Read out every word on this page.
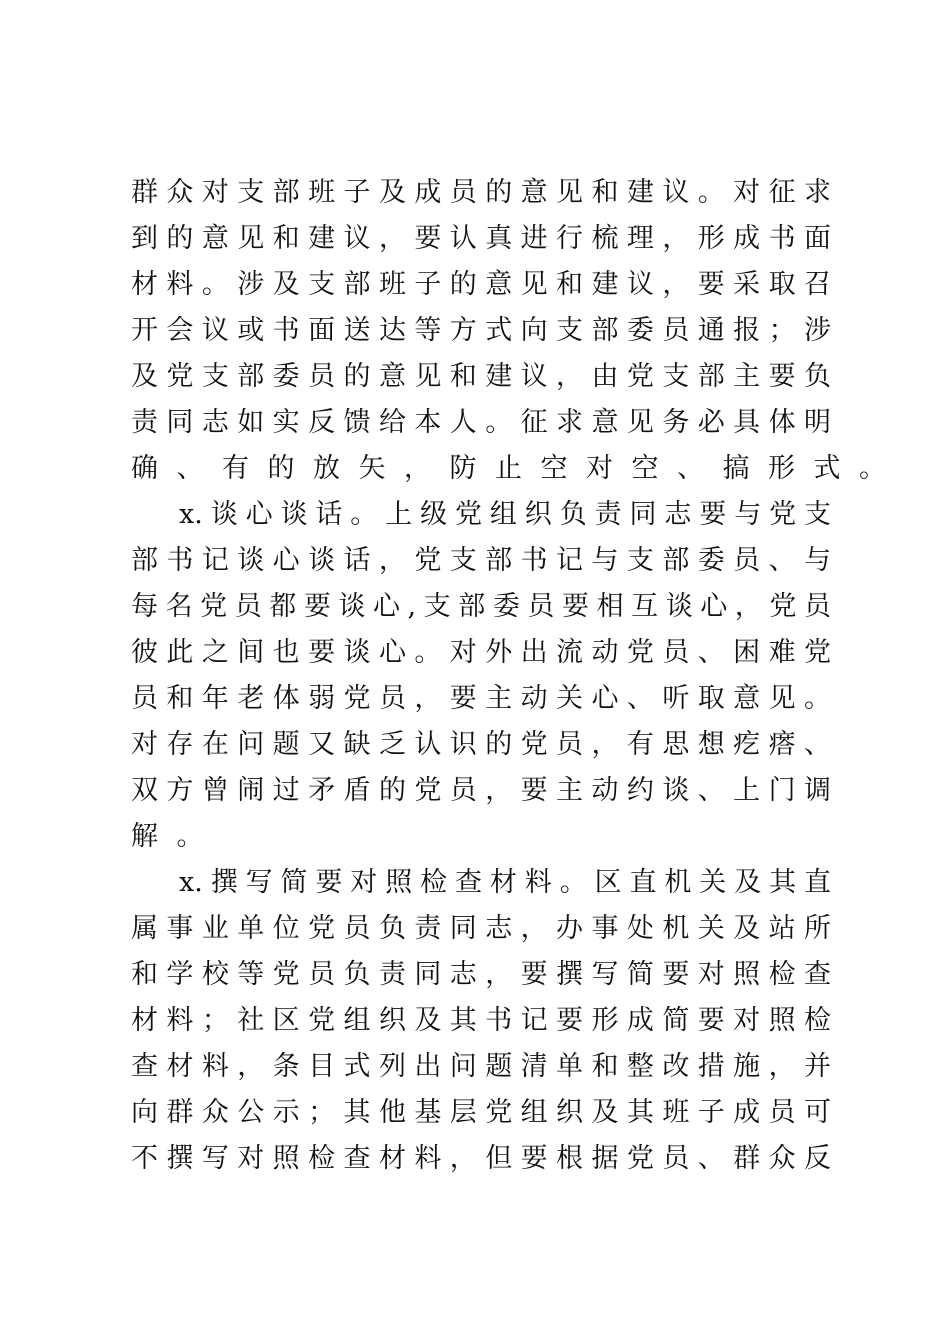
群众对支部班子及成员的意见和建议。对征求
到的意见和建议，要认真进行梳理，形成书面
材料。涉及支部班子的意见和建议，要采取召
开会议或书面送达等方式向支部委员通报；涉
及党支部委员的意见和建议，由党支部主要负
责同志如实反馈给本人。征求意见务必具体明
确、有的放矢，防止空对空、搞形式。
x.谈心谈话。上级党组织负责同志要与党支
部书记谈心谈话，党支部书记与支部委员、与
每名党员都要谈心,支部委员要相互谈心，党员
彼此之间也要谈心。对外出流动党员、困难党
员和年老体弱党员，要主动关心、听取意见。
对存在问题又缺乏认识的党员，有思想疙瘩、
双方曾闹过矛盾的党员，要主动约谈、上门调
解。
x.撰写简要对照检查材料。区直机关及其直
属事业单位党员负责同志，办事处机关及站所
和学校等党员负责同志，要撰写简要对照检查
材料；社区党组织及其书记要形成简要对照检
查材料，条目式列出问题清单和整改措施，并
向群众公示；其他基层党组织及其班子成员可
不撰写对照检查材料，但要根据党员、群众反
